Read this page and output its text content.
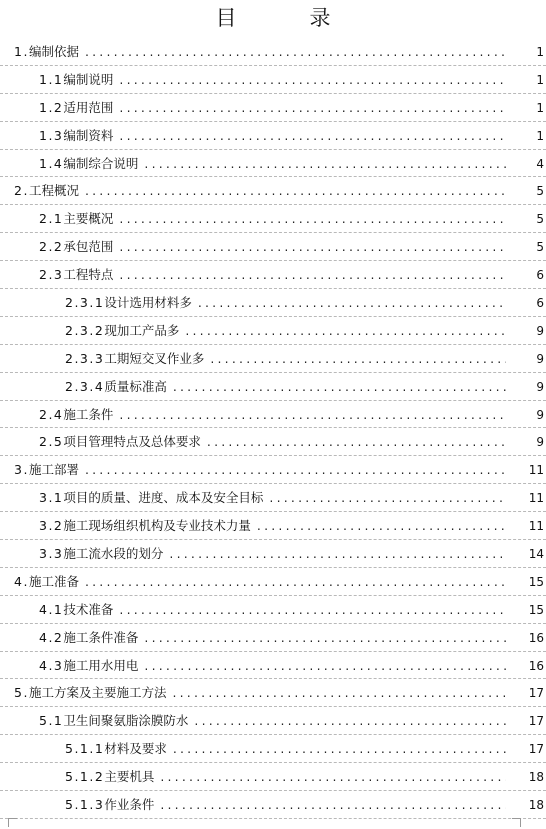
目　录
1. 编制依据 .....	1
1.1 编制说明 .....	1
1.2 适用范围 .....	1
1.3 编制资料 .....	1
1.4 编制综合说明 .....	4
2. 工程概况 .....	5
2.1 主要概况 .....	5
2.2 承包范围 .....	5
2.3 工程特点 .....	6
2.3.1 设计选用材料多 .....	6
2.3.2 现加工产品多 .....	9
2.3.3 工期短交叉作业多 .....	9
2.3.4 质量标准高 .....	9
2.4 施工条件 .....	9
2.5 项目管理特点及总体要求 .....	9
3. 施工部署 .....	11
3.1 项目的质量、进度、成本及安全目标 .....	11
3.2 施工现场组织机构及专业技术力量 .....	11
3.3 施工流水段的划分 .....	14
4. 施工准备 .....	15
4.1 技术准备 .....	15
4.2 施工条件准备 .....	16
4.3 施工用水用电 .....	16
5. 施工方案及主要施工方法 .....	17
5.1 卫生间聚氨脂涂膜防水 .....	17
5.1.1 材料及要求 .....	17
5.1.2 主要机具 .....	18
5.1.3 作业条件 .....	18
